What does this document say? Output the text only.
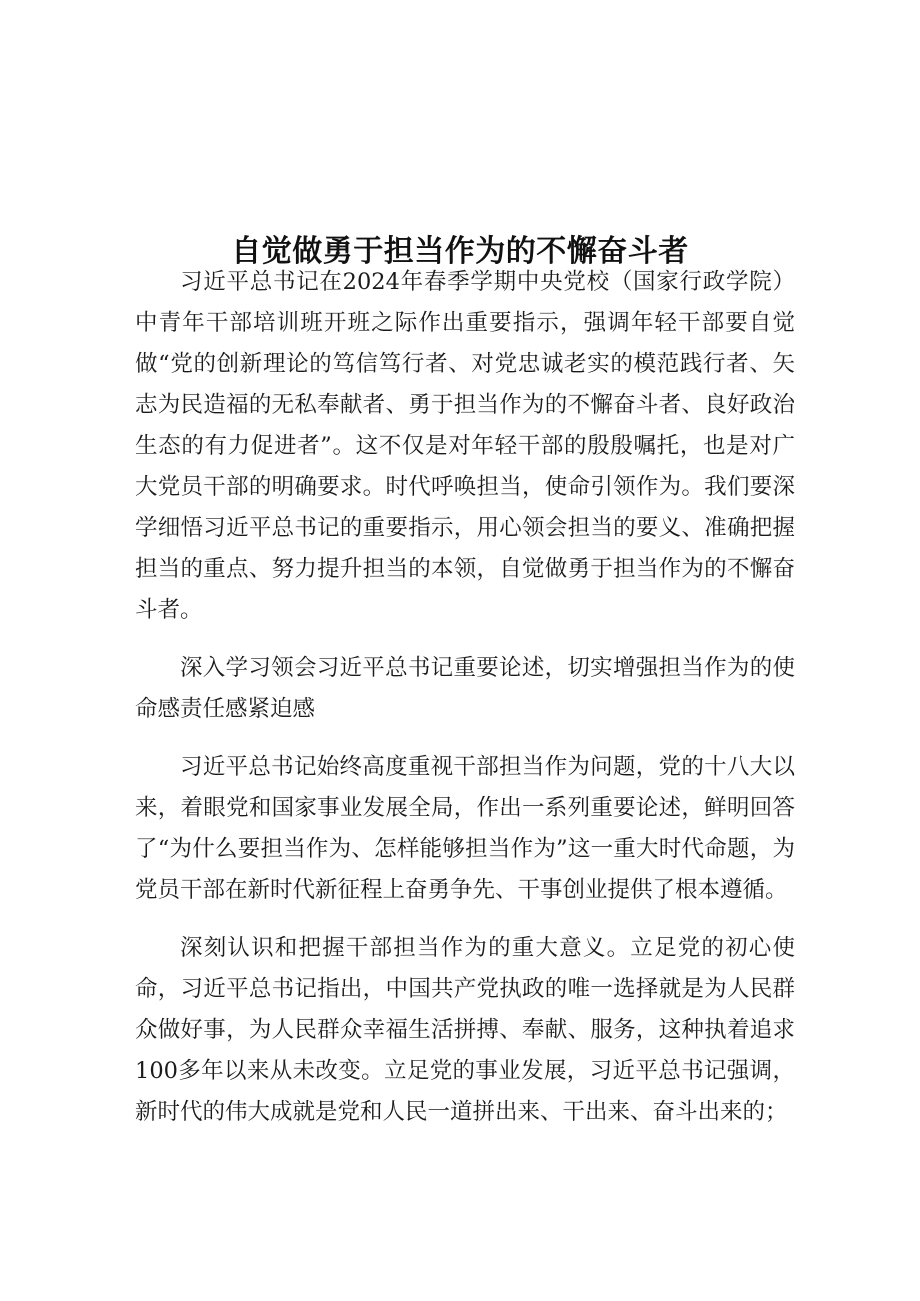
自觉做勇于担当作为的不懈奋斗者

习近平总书记在2024年春季学期中央党校（国家行政学院）中青年干部培训班开班之际作出重要指示，强调年轻干部要自觉做“党的创新理论的笃信笃行者、对党忠诚老实的模范践行者、矢志为民造福的无私奉献者、勇于担当作为的不懈奋斗者、良好政治生态的有力促进者”。这不仅是对年轻干部的殷殷嘱托，也是对广大党员干部的明确要求。时代呼唤担当，使命引领作为。我们要深学细悟习近平总书记的重要指示，用心领会担当的要义、准确把握担当的重点、努力提升担当的本领，自觉做勇于担当作为的不懈奋斗者。

深入学习领会习近平总书记重要论述，切实增强担当作为的使命感责任感紧迫感

习近平总书记始终高度重视干部担当作为问题，党的十八大以来，着眼党和国家事业发展全局，作出一系列重要论述，鲜明回答了“为什么要担当作为、怎样能够担当作为”这一重大时代命题，为党员干部在新时代新征程上奋勇争先、干事创业提供了根本遵循。

深刻认识和把握干部担当作为的重大意义。立足党的初心使命，习近平总书记指出，中国共产党执政的唯一选择就是为人民群众做好事，为人民群众幸福生活拼搏、奉献、服务，这种执着追求100多年以来从未改变。立足党的事业发展，习近平总书记强调，新时代的伟大成就是党和人民一道拼出来、干出来、奋斗出来的；
